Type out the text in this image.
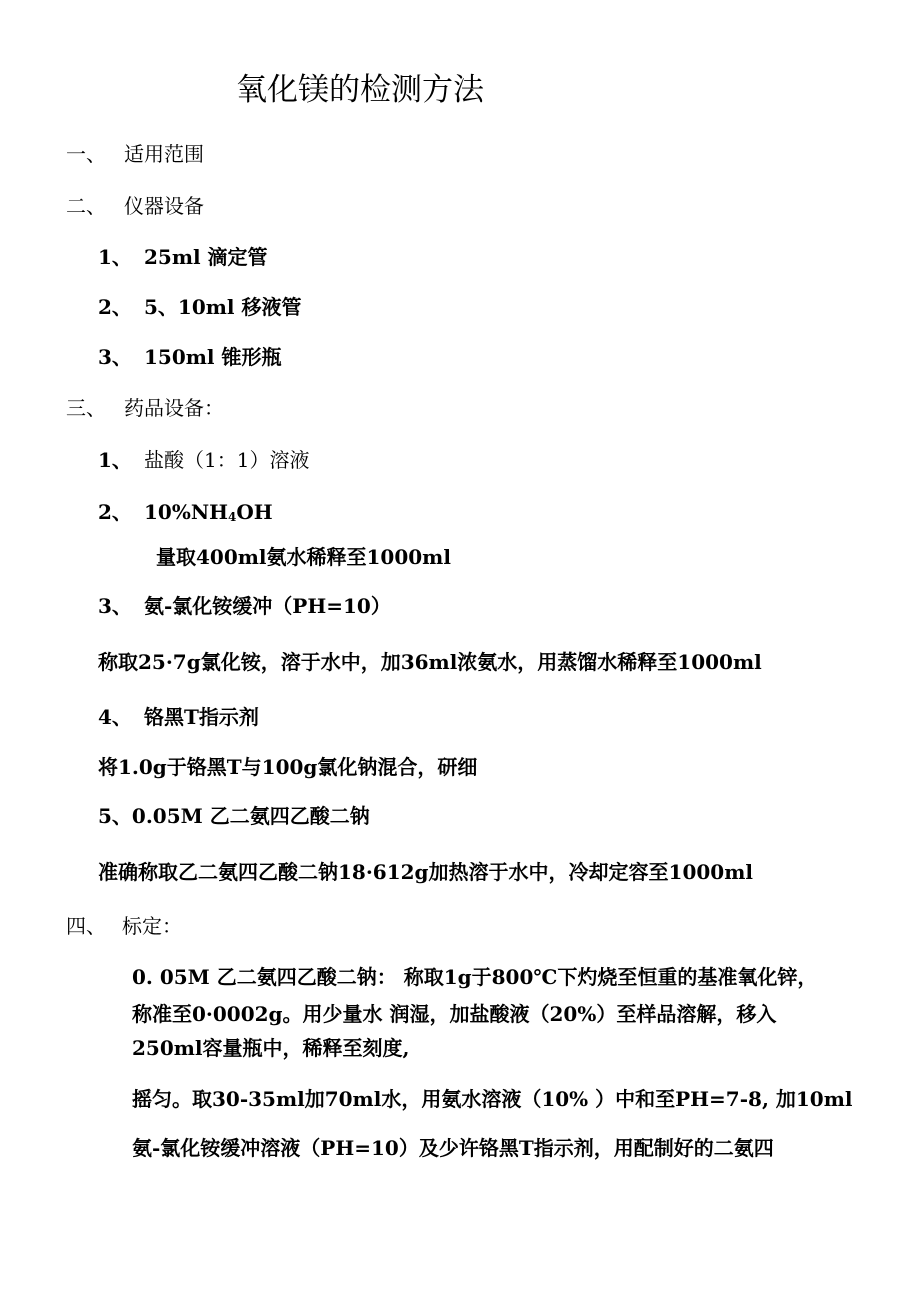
氧化镁的检测方法
一、 适用范围
二、 仪器设备
1、 25ml 滴定管
2、 5、10ml 移液管
3、 150ml 锥形瓶
三、 药品设备：
1、 盐酸（1：1）溶液
2、 $10\%NH_4OH$
量取400ml氨水稀释至1000ml
3、 氨-氯化铵缓冲（PH=10）
称取25·7g氯化铵，溶于水中，加36ml浓氨水，用蒸馏水稀释至1000ml
4、 铬黑T指示剂
将1.0g于铬黑T与100g氯化钠混合，研细
5、0.05M 乙二氨四乙酸二钠
准确称取乙二氨四乙酸二钠18·612g加热溶于水中，冷却定容至1000ml
四、 标定：
0. 05M 乙二氨四乙酸二钠： 称取1g于800℃下灼烧至恒重的基准氧化锌，
称准至0·0002g。用少量水 润湿，加盐酸液（20%）至样品溶解，移入
250ml容量瓶中，稀释至刻度,
摇匀。取30-35ml加70ml水，用氨水溶液（10% ）中和至PH=7-8, 加10ml
氨-氯化铵缓冲溶液（PH=10）及少许铬黑T指示剂，用配制好的二氨四
